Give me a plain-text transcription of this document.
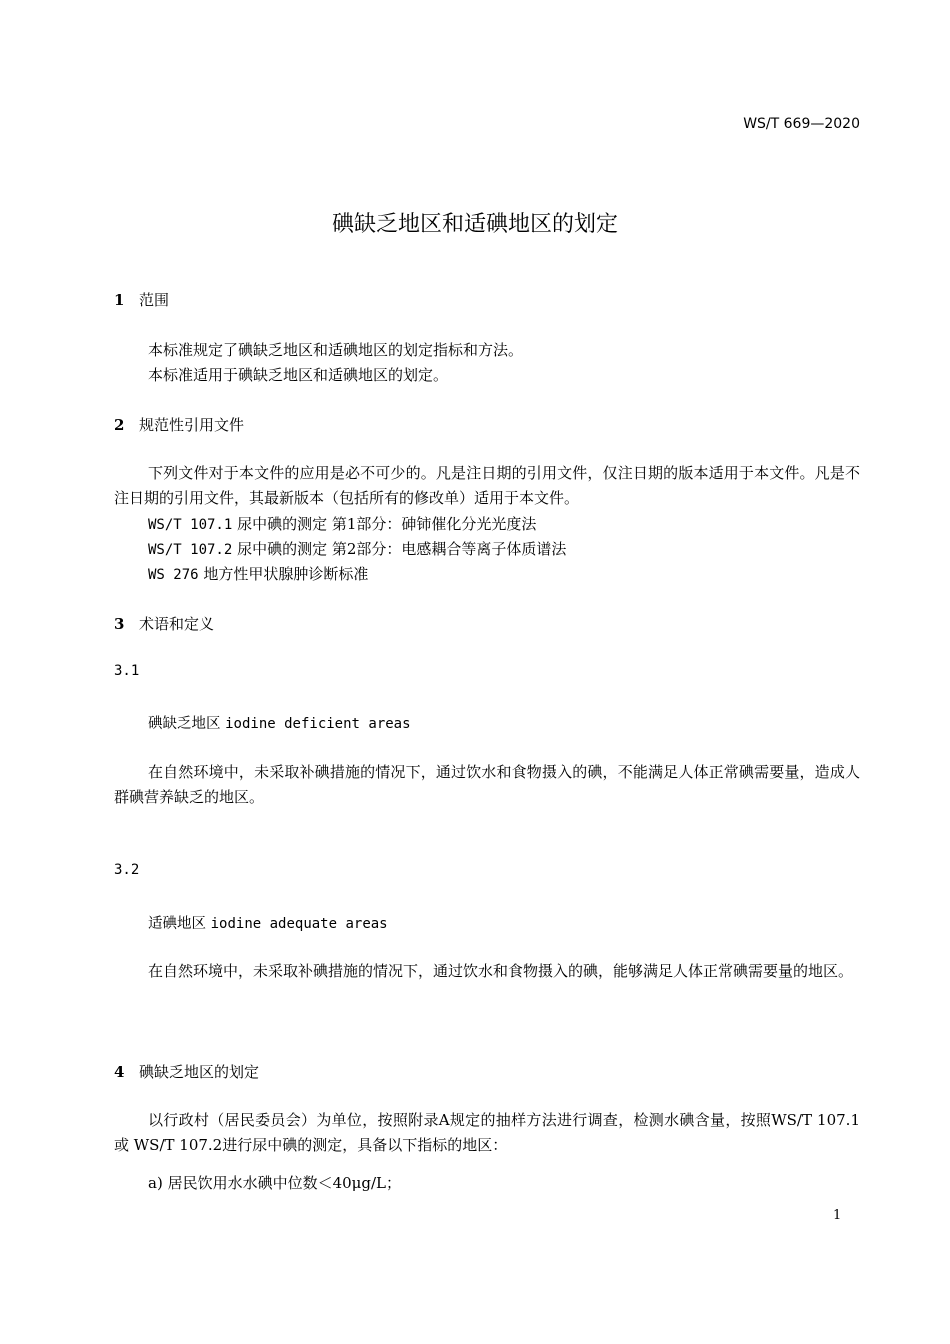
WS/T 669—2020
碘缺乏地区和适碘地区的划定
1 范围
本标准规定了碘缺乏地区和适碘地区的划定指标和方法。
本标准适用于碘缺乏地区和适碘地区的划定。
2 规范性引用文件
下列文件对于本文件的应用是必不可少的。凡是注日期的引用文件，仅注日期的版本适用于本文件。凡是不注日期的引用文件，其最新版本（包括所有的修改单）适用于本文件。
WS/T 107.1 尿中碘的测定 第1部分：砷铈催化分光光度法
WS/T 107.2 尿中碘的测定 第2部分：电感耦合等离子体质谱法
WS 276 地方性甲状腺肿诊断标准
3 术语和定义
3.1
碘缺乏地区 iodine deficient areas
在自然环境中，未采取补碘措施的情况下，通过饮水和食物摄入的碘，不能满足人体正常碘需要量，造成人群碘营养缺乏的地区。
3.2
适碘地区 iodine adequate areas
在自然环境中，未采取补碘措施的情况下，通过饮水和食物摄入的碘，能够满足人体正常碘需要量的地区。
4 碘缺乏地区的划定
以行政村（居民委员会）为单位，按照附录A规定的抽样方法进行调查，检测水碘含量，按照WS/T 107.1或 WS/T 107.2进行尿中碘的测定，具备以下指标的地区：
a) 居民饮用水水碘中位数＜40μg/L；
1
